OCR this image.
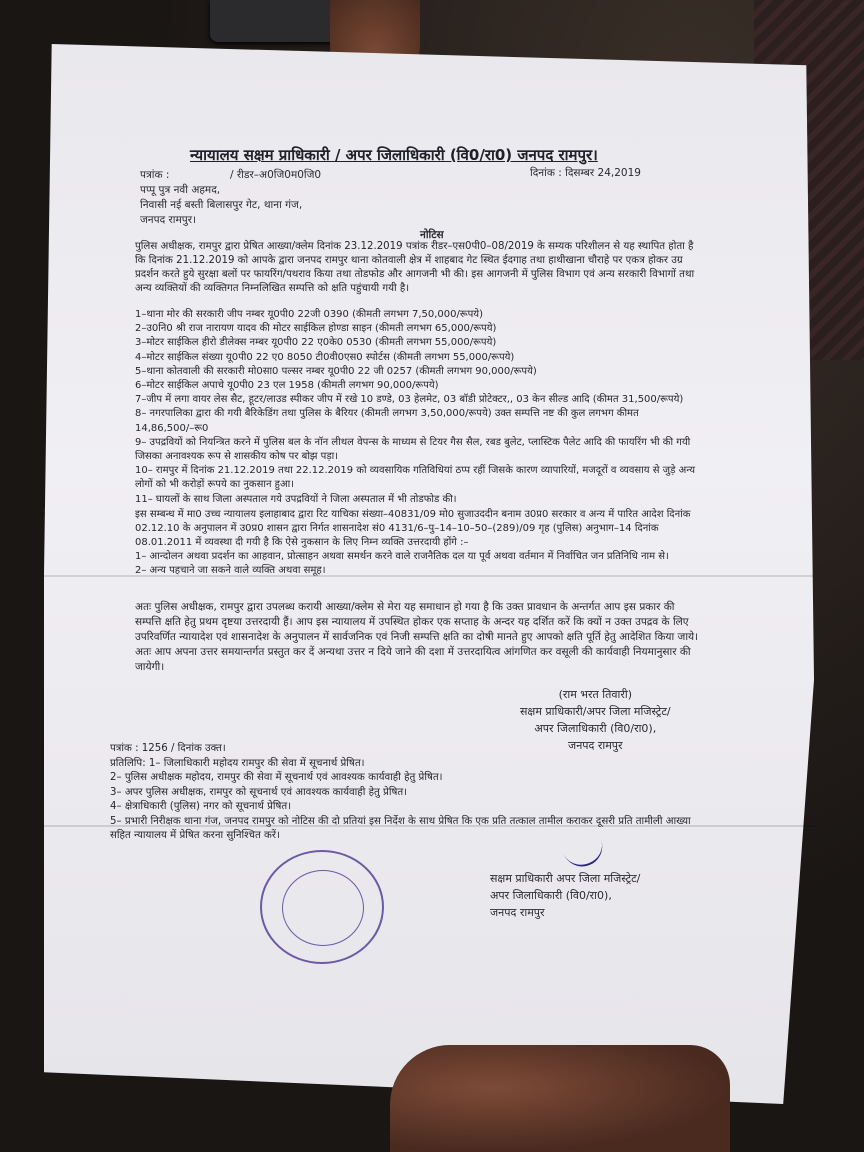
न्यायालय सक्षम प्राधिकारी / अपर जिलाधिकारी (वि0/रा0) जनपद रामपुर।
पत्रांक :	/ रीडर–अ0जि0म0जि0	दिनांक : दिसम्बर 24,2019
पप्पू पुत्र नवी अहमद,
निवासी नई बस्ती बिलासपुर गेट, थाना गंज,
जनपद रामपुर।
नोटिस

पुलिस अधीक्षक, रामपुर द्वारा प्रेषित आख्या/क्लेम दिनांक 23.12.2019 पत्रांक रीडर–एस0पी0–08/2019 के सम्यक परिशीलन से यह स्थापित होता है कि दिनांक 21.12.2019 को आपके द्वारा जनपद रामपुर थाना कोतवाली क्षेत्र में शाहबाद गेट स्थित ईदगाह तथा हाथीखाना चौराहे पर एकत्र होकर उग्र प्रदर्शन करते हुये सुरक्षा बलों पर फायरिंग/पथराव किया तथा तोडफोड और आगजनी भी की। इस आगजनी में पुलिस विभाग एवं अन्य सरकारी विभागों तथा अन्य व्यक्तियों की व्यक्तिगत निम्नलिखित सम्पत्ति को क्षति पहुंचायी गयी है।

1–थाना मोर की सरकारी जीप नम्बर यू0पी0 22जी 0390 (कीमती लगभग 7,50,000/रूपये)

2–उ0नि0 श्री राज नारायण यादव की मोटर साईकिल होण्डा साइन (कीमती लगभग 65,000/रूपये)

3–मोटर साईकिल हीरो डीलेक्स नम्बर यू0पी0 22 ए0के0 0530 (कीमती लगभग 55,000/रूपये)

4–मोटर साईकिल संख्या यू0पी0 22 ए0 8050 टी0वी0एस0 स्पोर्टस (कीमती लगभग 55,000/रूपये)

5–थाना कोतवाली की सरकारी मो0सा0 पल्सर नम्बर यू0पी0 22 जी 0257 (कीमती लगभग 90,000/रूपये)

6–मोटर साईकिल अपाचे यू0पी0 23 एल 1958 (कीमती लगभग 90,000/रूपये)

7–जीप में लगा वायर लेस सैट, हूटर/लाउड स्पीकर जीप में रखे 10 डण्डे, 03 हेलमेट, 03 बॉडी प्रोटेक्टर,, 03 केन सील्ड आदि (कीमत 31,500/रूपये)

8– नगरपालिका द्वारा की गयी बैरिकेडिंग तथा पुलिस के बैरियर (कीमती लगभग 3,50,000/रूपये) उक्त सम्पत्ति नष्ट की कुल लगभग कीमत 14,86,500/–रू0

9– उपद्रवियों को नियन्त्रित करने में पुलिस बल के नॉन लीथल वेपन्स के माध्यम से टियर गैस सैल, रबड बुलेट, प्लास्टिक पैलेट आदि की फायरिंग भी की गयी जिसका अनावश्यक रूप से शासकीय कोष पर बोझ पड़ा।

10– रामपुर में दिनांक 21.12.2019 तथा 22.12.2019 को व्यवसायिक गतिविधियां ठप्प रहीं जिसके कारण व्यापारियों, मजदूरों व व्यवसाय से जुड़े अन्य लोगों को भी करोड़ों रूपये का नुकसान हुआ।

11– घायलों के साथ जिला अस्पताल गये उपद्रवियों ने जिला अस्पताल में भी तोडफोड की।

इस सम्बन्ध में मा0 उच्च न्यायालय इलाहाबाद द्वारा रिट याचिका संख्या–40831/09 मो0 सुजाउददीन बनाम उ0प्र0 सरकार व अन्य में पारित आदेश दिनांक 02.12.10 के अनुपालन में उ0प्र0 शासन द्वारा निर्गत शासनादेश सं0 4131/6–पु–14–10–50–(289)/09 गृह (पुलिस) अनुभाग–14 दिनांक 08.01.2011 में व्यवस्था दी गयी है कि ऐसे नुकसान के लिए निम्न व्यक्ति उत्तरदायी होंगे :–

1– आन्दोलन अथवा प्रदर्शन का आहवान, प्रोत्साहन अथवा समर्थन करने वाले राजनैतिक दल या पूर्व अथवा वर्तमान में निर्वाचित जन प्रतिनिधि नाम से।

2– अन्य पहचाने जा सकने वाले व्यक्ति अथवा समूह।

अतः पुलिस अधीक्षक, रामपुर द्वारा उपलब्ध करायी आख्या/क्लेम से मेरा यह समाधान हो गया है कि उक्त प्रावधान के अन्तर्गत आप इस प्रकार की सम्पत्ति क्षति हेतु प्रथम दृष्टया उत्तरदायी हैं। आप इस न्यायालय में उपस्थित होकर एक सप्ताह के अन्दर यह दर्शित करें कि क्यों न उक्त उपद्रव के लिए उपरिवर्णित न्यायादेश एवं शासनादेश के अनुपालन में सार्वजनिक एवं निजी सम्पत्ति क्षति का दोषी मानते हुए आपको क्षति पूर्ति हेतु आदेशित किया जाये। अतः आप अपना उत्तर समयान्तर्गत प्रस्तुत कर दें अन्यथा उत्तर न दिये जाने की दशा में उत्तरदायित्व आंगणित कर वसूली की कार्यवाही नियमानुसार की जायेगी।

(राम भरत तिवारी)
सक्षम प्राधिकारी/अपर जिला मजिस्ट्रेट/
अपर जिलाधिकारी (वि0/रा0),
जनपद रामपुर

पत्रांक : 1256 / दिनांक उक्त।

प्रतिलिपि: 1– जिलाधिकारी महोदय रामपुर की सेवा में सूचनार्थ प्रेषित।

2– पुलिस अधीक्षक महोदय, रामपुर की सेवा में सूचनार्थ एवं आवश्यक कार्यवाही हेतु प्रेषित।

3– अपर पुलिस अधीक्षक, रामपुर को सूचनार्थ एवं आवश्यक कार्यवाही हेतु प्रेषित।

4– क्षेत्राधिकारी (पुलिस) नगर को सूचनार्थ प्रेषित।

5– प्रभारी निरीक्षक थाना गंज, जनपद रामपुर को नोटिस की दो प्रतियां इस निर्देश के साथ प्रेषित कि एक प्रति तत्काल तामील कराकर दूसरी प्रति तामीली आख्या सहित न्यायालय में प्रेषित करना सुनिश्चित करें।

सक्षम प्राधिकारी अपर जिला मजिस्ट्रेट/
अपर जिलाधिकारी (वि0/रा0),
जनपद रामपुर
